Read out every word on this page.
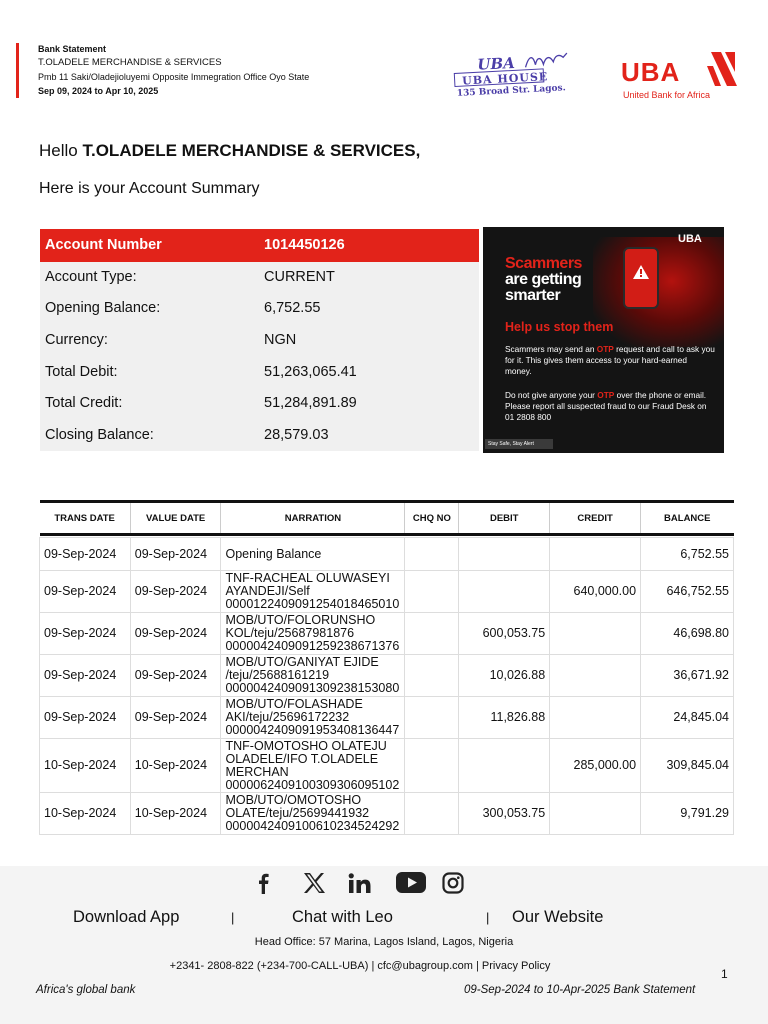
Bank Statement
T.OLADELE MERCHANDISE & SERVICES
Pmb 11 Saki/Oladejioluyemi Opposite Immegration Office Oyo State
Sep 09, 2024 to Apr 10, 2025
UBA
UBA HOUSE
135 Broad Str. Lagos.
UBA
United Bank for Africa
Hello T.OLADELE MERCHANDISE & SERVICES,
Here is your Account Summary
Account Number	1014450126
Account Type:	CURRENT
Opening Balance:	6,752.55
Currency:	NGN
Total Debit:	51,263,065.41
Total Credit:	51,284,891.89
Closing Balance:	28,579.03
UBA
Scammers
are getting smarter
Help us stop them
Scammers may send an OTP request and call to ask you for it. This gives them access to your hard-earned money.
Do not give anyone your OTP over the phone or email. Please report all suspected fraud to our Fraud Desk on 01 2808 800
Stay Safe, Stay Alert
TRANS DATE	VALUE DATE	NARRATION	CHQ NO	DEBIT	CREDIT	BALANCE

09-Sep-2024	09-Sep-2024	Opening Balance				6,752.55
09-Sep-2024	09-Sep-2024	TNF-RACHEAL OLUWASEYI
AYANDEJI/Self
000012240909125401846501​0			640,000.00	646,752.55
09-Sep-2024	09-Sep-2024	MOB/UTO/FOLORUNSHO
KOL/teju/25687981876
000004240909125923867137​6		600,053.75		46,698.80
09-Sep-2024	09-Sep-2024	MOB/UTO/GANIYAT EJIDE
/teju/25688161219
000004240909130923815308​0		10,026.88		36,671.92
09-Sep-2024	09-Sep-2024	MOB/UTO/FOLASHADE
AKI/teju/25696172232
000004240909195340813644​7		11,826.88		24,845.04
10-Sep-2024	10-Sep-2024	TNF-OMOTOSHO OLATEJU
OLADELE/IFO T.OLADELE
MERCHAN
000006240910030930609510​2			285,000.00	309,845.04
10-Sep-2024	10-Sep-2024	MOB/UTO/OMOTOSHO
OLATE/teju/25699441932
000004240910061023452429​2		300,053.75		9,791.29
Download App	|	Chat with Leo	| Our Website
Head Office: 57 Marina, Lagos Island, Lagos, Nigeria
+2341- 2808-822 (+234-700-CALL-UBA) | cfc@ubagroup.com | Privacy Policy
1
Africa's global bank	09-Sep-2024 to 10-Apr-2025 Bank Statement
